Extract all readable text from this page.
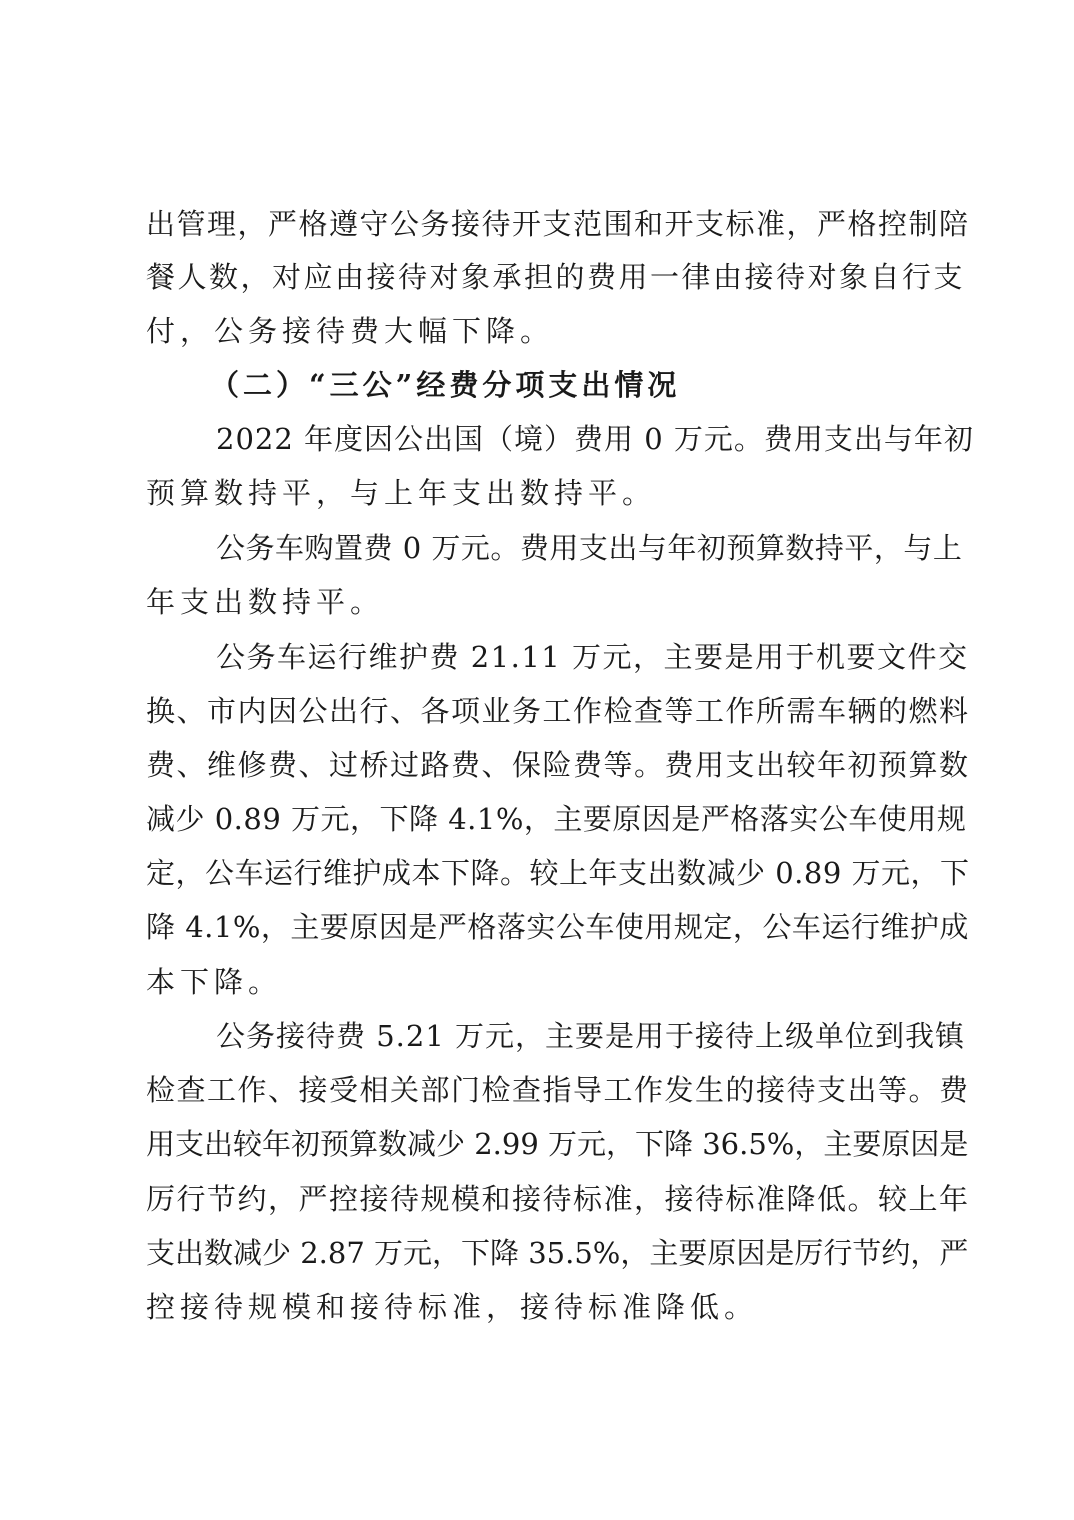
出管理，严格遵守公务接待开支范围和开支标准，严格控制陪
餐人数，对应由接待对象承担的费用一律由接待对象自行支
付，公务接待费大幅下降。
（二）“三公”经费分项支出情况
2022 年度因公出国（境）费用 0 万元。费用支出与年初
预算数持平，与上年支出数持平。
公务车购置费 0 万元。费用支出与年初预算数持平，与上
年支出数持平。
公务车运行维护费 21.11 万元，主要是用于机要文件交
换、市内因公出行、各项业务工作检查等工作所需车辆的燃料
费、维修费、过桥过路费、保险费等。费用支出较年初预算数
减少 0.89 万元，下降 4.1%，主要原因是严格落实公车使用规
定，公车运行维护成本下降。较上年支出数减少 0.89 万元，下
降 4.1%，主要原因是严格落实公车使用规定，公车运行维护成
本下降。
公务接待费 5.21 万元，主要是用于接待上级单位到我镇
检查工作、接受相关部门检查指导工作发生的接待支出等。费
用支出较年初预算数减少 2.99 万元，下降 36.5%，主要原因是
厉行节约，严控接待规模和接待标准，接待标准降低。较上年
支出数减少 2.87 万元，下降 35.5%，主要原因是厉行节约，严
控接待规模和接待标准，接待标准降低。
